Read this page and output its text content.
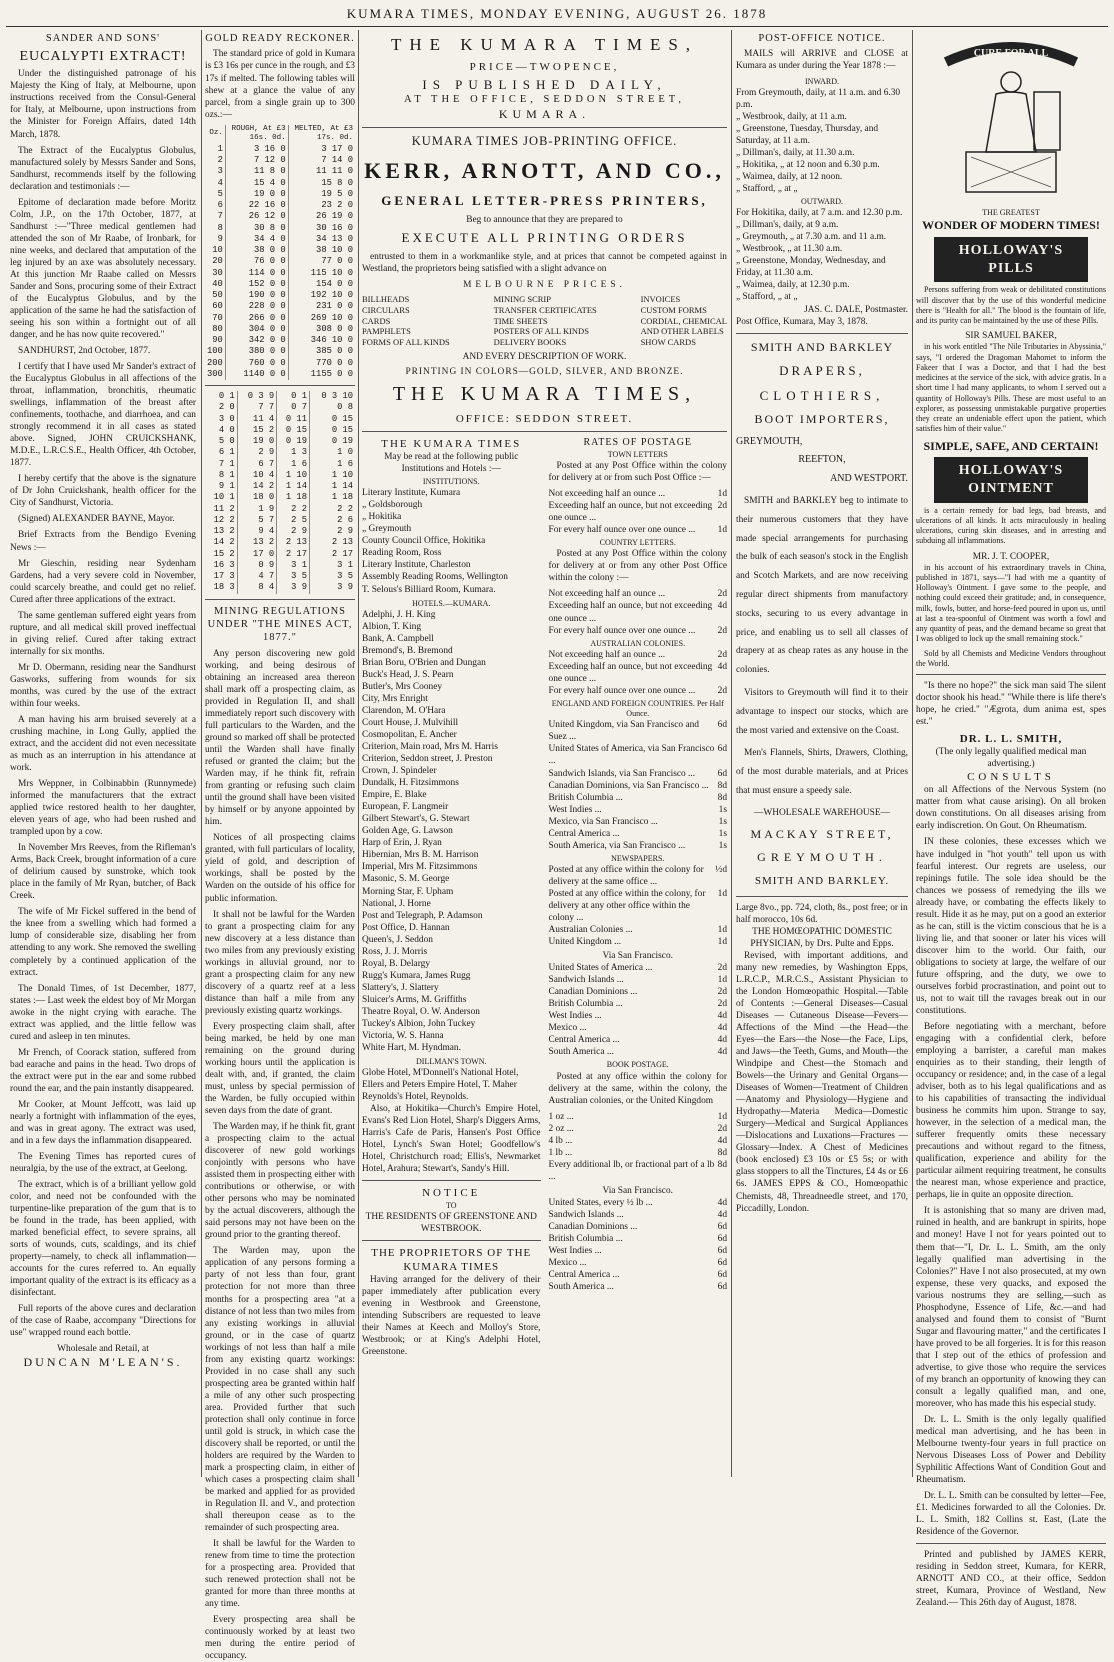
KUMARA TIMES, MONDAY EVENING, AUGUST 26. 1878
SANDER AND SONS'
EUCALYPTI EXTRACT!

Under the distinguished patronage of his Majesty the King of Italy, at Melbourne, upon instructions received from the Consul-General for Italy, at Melbourne, upon instructions from the Minister for Foreign Affairs, dated 14th March, 1878.

The Extract of the Eucalyptus Globulus, manufactured solely by Messrs Sander and Sons, Sandhurst, recommends itself by the following declaration and testimonials :—

Epitome of declaration made before Moritz Colm, J.P., on the 17th October, 1877, at Sandhurst :—"Three medical gentlemen had attended the son of Mr Raabe, of Ironbark, for nine weeks, and declared that amputation of the leg injured by an axe was absolutely necessary. At this junction Mr Raabe called on Messrs Sander and Sons, procuring some of their Extract of the Eucalyptus Globulus, and by the application of the same he had the satisfaction of seeing his son within a fortnight out of all danger, and he has now quite recovered."

SANDHURST, 2nd October, 1877.

I certify that I have used Mr Sander's extract of the Eucalyptus Globulus in all affections of the throat, inflammation, bronchitis, rheumatic swellings, inflammation of the breast after confinements, toothache, and diarrhoea, and can strongly recommend it in all cases as stated above. Signed, JOHN CRUICKSHANK, M.D.E., L.R.C.S.E., Health Officer, 4th October, 1877.

I hereby certify that the above is the signature of Dr John Cruickshank, health officer for the City of Sandhurst, Victoria.

(Signed) ALEXANDER BAYNE, Mayor.

Brief Extracts from the Bendigo Evening News :—

Mr Gieschin, residing near Sydenham Gardens, had a very severe cold in November, could scarcely breathe, and could get no relief. Cured after three applications of the extract.

The same gentleman suffered eight years from rupture, and all medical skill proved ineffectual in giving relief. Cured after taking extract internally for six months.

Mr D. Obermann, residing near the Sandhurst Gasworks, suffering from wounds for six months, was cured by the use of the extract within four weeks.

A man having his arm bruised severely at a crushing machine, in Long Gully, applied the extract, and the accident did not even necessitate as much as an interruption in his attendance at work.

Mrs Weppner, in Colbinabbin (Runnymede) informed the manufacturers that the extract applied twice restored health to her daughter, eleven years of age, who had been rushed and trampled upon by a cow.

In November Mrs Reeves, from the Rifleman's Arms, Back Creek, brought information of a cure of delirium caused by sunstroke, which took place in the family of Mr Ryan, butcher, of Back Creek.

The wife of Mr Fickel suffered in the bend of the knee from a swelling which had formed a lump of considerable size, disabling her from attending to any work. She removed the swelling completely by a continued application of the extract.

The Donald Times, of 1st December, 1877, states :— Last week the eldest boy of Mr Morgan awoke in the night crying with earache. The extract was applied, and the little fellow was cured and asleep in ten minutes.

Mr French, of Coorack station, suffered from bad earache and pains in the head. Two drops of the extract were put in the ear and some rubbed round the ear, and the pain instantly disappeared.

Mr Cooker, at Mount Jeffcott, was laid up nearly a fortnight with inflammation of the eyes, and was in great agony. The extract was used, and in a few days the inflammation disappeared.

The Evening Times has reported cures of neuralgia, by the use of the extract, at Geelong.

The extract, which is of a brilliant yellow gold color, and need not be confounded with the turpentine-like preparation of the gum that is to be found in the trade, has been applied, with marked beneficial effect, to severe sprains, all sorts of wounds, cuts, scaldings, and its chief property—namely, to check all inflammation—accounts for the cures referred to. An equally important quality of the extract is its efficacy as a disinfectant.

Full reports of the above cures and declaration of the case of Raabe, accompany "Directions for use" wrapped round each bottle.

Wholesale and Retail, at
DUNCAN M'LEAN'S.
GOLD READY RECKONER.

The standard price of gold in Kumara is £3 16s per cunce in the rough, and £3 17s if melted. The following tables will shew at a glance the value of any parcel, from a single grain up to 300 ozs.:—

Oz.	ROUGH, At £3 16s. 0d.	MELTED, At £3 17s. 0d.
1	3 16 0	3 17 0
2	7 12 0	7 14 0
3	11 8 0	11 11 0
4	15 4 0	15 8 0
5	19 0 0	19 5 0
6	22 16 0	23 2 0
7	26 12 0	26 19 0
8	30 8 0	30 16 0
9	34 4 0	34 13 0
10	38 0 0	38 10 0
20	76 0 0	77 0 0
30	114 0 0	115 10 0
40	152 0 0	154 0 0
50	190 0 0	192 10 0
60	228 0 0	231 0 0
70	266 0 0	269 10 0
80	304 0 0	308 0 0
90	342 0 0	346 10 0
100	380 0 0	385 0 0
200	760 0 0	770 0 0
300	1140 0 0	1155 0 0
0 1	0 3 9	0 1	0 3 10
2 0	7 7	0 7	0 8
3 0	11 4	0 11	0 15
4 0	15 2	0 15	0 15
5 0	19 0	0 19	0 19
6 1	2 9	1 3	1 0
7 1	6 7	1 6	1 6
8 1	10 4	1 10	1 10
9 1	14 2	1 14	1 14
10 1	18 0	1 18	1 18
11 2	1 9	2 2	2 2
12 2	5 7	2 5	2 6
13 2	9 4	2 9	2 9
14 2	13 2	2 13	2 13
15 2	17 0	2 17	2 17
16 3	0 9	3 1	3 1
17 3	4 7	3 5	3 5
18 3	8 4	3 9	3 9
MINING REGULATIONS UNDER "THE MINES ACT, 1877."

Any person discovering new gold working, and being desirous of obtaining an increased area thereon shall mark off a prospecting claim, as provided in Regulation II, and shall immediately report such discovery with full particulars to the Warden, and the ground so marked off shall be protected until the Warden shall have finally refused or granted the claim; but the Warden may, if he think fit, refrain from granting or refusing such claim until the ground shall have been visited by himself or by anyone appointed by him.

Notices of all prospecting claims granted, with full particulars of locality, yield of gold, and description of workings, shall be posted by the Warden on the outside of his office for public information.

It shall not be lawful for the Warden to grant a prospecting claim for any new discovery at a less distance than two miles from any previously existing workings in alluvial ground, nor to grant a prospecting claim for any new discovery of a quartz reef at a less distance than half a mile from any previously existing quartz workings.

Every prospecting claim shall, after being marked, be held by one man remaining on the ground during working hours until the application is dealt with, and, if granted, the claim must, unless by special permission of the Warden, be fully occupied within seven days from the date of grant.

The Warden may, if he think fit, grant a prospecting claim to the actual discoverer of new gold workings conjointly with persons who have assisted them in prospecting either with contributions or otherwise, or with other persons who may be nominated by the actual discoverers, although the said persons may not have been on the ground prior to the granting thereof.

The Warden may, upon the application of any persons forming a party of not less than four, grant protection for not more than three months for a prospecting area "at a distance of not less than two miles from any existing workings in alluvial ground, or in the case of quartz workings of not less than half a mile from any existing quartz workings: Provided in no case shall any such prospecting area be granted within half a mile of any other such prospecting area. Provided further that such protection shall only continue in force until gold is struck, in which case the discovery shall be reported, or until the holders are required by the Warden to mark a prospecting claim, in either of which cases a prospecting claim shall be marked and applied for as provided in Regulation II. and V., and protection shall thereupon cease as to the remainder of such prospecting area.

It shall be lawful for the Warden to renew from time to time the protection for a prospecting area. Provided that such renewed protection shall not be granted for more than three months at any time.

Every prospecting area shall be continuously worked by at least two men during the entire period of occupancy.

THE KUMARA TIMES,
PRICE—TWOPENCE,
IS PUBLISHED DAILY,
AT THE OFFICE, SEDDON STREET,
KUMARA.
KUMARA TIMES JOB-PRINTING OFFICE.
KERR, ARNOTT, AND CO.,
GENERAL LETTER-PRESS PRINTERS,
Beg to announce that they are prepared to
EXECUTE ALL PRINTING ORDERS

entrusted to them in a workmanlike style, and at prices that cannot be competed against in Westland, the proprietors being satisfied with a slight advance on

MELBOURNE PRICES.
BILLHEADS
CIRCULARS
CARDS
PAMPHLETS
FORMS OF ALL KINDS
MINING SCRIP
TRANSFER CERTIFICATES
TIME SHEETS
POSTERS OF ALL KINDS
DELIVERY BOOKS
INVOICES
CUSTOM FORMS
CORDIAL, CHEMICAL
AND OTHER LABELS
SHOW CARDS
AND EVERY DESCRIPTION OF WORK.
PRINTING IN COLORS—GOLD, SILVER, AND BRONZE.
THE KUMARA TIMES,
OFFICE: SEDDON STREET.
THE KUMARA TIMES
May be read at the following public Institutions and Hotels :—
INSTITUTIONS.
Literary Institute, Kumara
„ Goldsborough
„ Hokitika
„ Greymouth
County Council Office, Hokitika
Reading Room, Ross
Literary Institute, Charleston
Assembly Reading Rooms, Wellington
T. Selous's Billiard Room, Kumara.
HOTELS.—KUMARA.
Adelphi, J. H. King
Albion, T. King
Bank, A. Campbell
Bremond's, B. Bremond
Brian Boru, O'Brien and Dungan
Buck's Head, J. S. Pearn
Butler's, Mrs Cooney
City, Mrs Enright
Clarendon, M. O'Hara
Court House, J. Mulvihill
Cosmopolitan, E. Ancher
Criterion, Main road, Mrs M. Harris
Criterion, Seddon street, J. Preston
Crown, J. Spindeler
Dundalk, H. Fitzsimmons
Empire, E. Blake
European, F. Langmeir
Gilbert Stewart's, G. Stewart
Golden Age, G. Lawson
Harp of Erin, J. Ryan
Hibernian, Mrs B. M. Harrison
Imperial, Mrs M. Fitzsimmons
Masonic, S. M. George
Morning Star, F. Upham
National, J. Horne
Post and Telegraph, P. Adamson
Post Office, D. Hannan
Queen's, J. Seddon
Ross, J. J. Morris
Royal, B. Delargy
Rugg's Kumara, James Rugg
Slattery's, J. Slattery
Sluicer's Arms, M. Griffiths
Theatre Royal, O. W. Anderson
Tuckey's Albion, John Tuckey
Victoria, W. S. Hanna
White Hart, M. Hyndman.
DILLMAN'S TOWN.
Globe Hotel, M'Donnell's National Hotel, Ellers and Peters Empire Hotel, T. Maher Reynolds's Hotel, Reynolds.

Also, at Hokitika—Church's Empire Hotel, Evans's Red Lion Hotel, Sharp's Diggers Arms, Harris's Cafe de Paris, Hansen's Post Office Hotel, Lynch's Swan Hotel; Goodfellow's Hotel, Christchurch road; Ellis's, Newmarket Hotel, Arahura; Stewart's, Sandy's Hill.

NOTICE
TO
THE RESIDENTS OF GREENSTONE AND WESTBROOK.
THE PROPRIETORS OF THE KUMARA TIMES

Having arranged for the delivery of their paper immediately after publication every evening in Westbrook and Greenstone, intending Subscribers are requested to leave their Names at Keech and Molloy's Store, Westbrook; or at King's Adelphi Hotel, Greenstone.

RATES OF POSTAGE
TOWN LETTERS

Posted at any Post Office within the colony for delivery at or from such Post Office :—

Not exceeding half an ounce ...	1d
Exceeding half an ounce, but not exceeding one ounce ...
2d
For every half ounce over one ounce ... 1d
COUNTRY LETTERS.

Posted at any Post Office within the colony for delivery at or from any other Post Office within the colony :—

Not exceeding half an ounce ...	2d
Exceeding half an ounce, but not exceeding one ounce ...
4d
For every half ounce over one ounce ... 2d
AUSTRALIAN COLONIES.
Not exceeding half an ounce ...	2d
Exceeding half an ounce, but not exceeding one ounce ...
4d
For every half ounce over one ounce ... 2d
ENGLAND AND FOREIGN COUNTRIES. Per Half Ounce.
United Kingdom, via San Francisco and Suez ...
6d
United States of America, via San Francisco ...
6d
Sandwich Islands, via San Francisco ... 6d
Canadian Dominions, via San Francisco ... 8d
British Columbia ...	8d
West Indies ...	1s
Mexico, via San Francisco ...	1s
Central America ...	1s
South America, via San Francisco ...	1s
NEWSPAPERS.
Posted at any office within the colony for delivery at the same office ...
½d
Posted at any office within the colony, for delivery at any other office within the colony ...
1d
Australian Colonies ...	1d
United Kingdom ...	1d
Via San Francisco.
United States of America ...	2d
Sandwich Islands ...	1d
Canadian Dominions ...	2d
British Columbia ...	2d
West Indies ...	4d
Mexico ...	4d
Central America ...	4d
South America ...	4d
BOOK POSTAGE.

Posted at any office within the colony for delivery at the same, within the colony, the Australian colonies, or the United Kingdom

1 oz ...	1d
2 oz ...	2d
4 lb ...	4d
1 lb ...	8d
Every additional lb, or fractional part of a lb ...
8d
Via San Francisco.
United States, every ½ lb ...	4d
Sandwich Islands ...	4d
Canadian Dominions ...	6d
British Columbia ...	6d
West Indies ...	6d
Mexico ...	6d
Central America ...	6d
South America ...	6d
POST-OFFICE NOTICE.

MAILS will ARRIVE and CLOSE at Kumara as under during the Year 1878 :—

INWARD.
From Greymouth, daily, at 11 a.m. and 6.30 p.m.
„ Westbrook, daily, at 11 a.m.
„ Greenstone, Tuesday, Thursday, and Saturday, at 11 a.m.
„ Dillman's, daily, at 11.30 a.m.
„ Hokitika, „ at 12 noon and 6.30 p.m.
„ Waimea, daily, at 12 noon.
„ Stafford, „ at „
OUTWARD.
For Hokitika, daily, at 7 a.m. and 12.30 p.m.
„ Dillman's, daily, at 9 a.m.
„ Greymouth, „ at 7.30 a.m. and 11 a.m.
„ Westbrook, „ at 11.30 a.m.
„ Greenstone, Monday, Wednesday, and Friday, at 11.30 a.m.
„ Waimea, daily, at 12.30 p.m.
„ Stafford, „ at „
JAS. C. DALE, Postmaster.
Post Office, Kumara, May 3, 1878.
SMITH AND BARKLEY
DRAPERS,
CLOTHIERS,
BOOT IMPORTERS,
GREYMOUTH,
REEFTON,
AND WESTPORT.

SMITH and BARKLEY beg to intimate to their numerous customers that they have made special arrangements for purchasing the bulk of each season's stock in the English and Scotch Markets, and are now receiving regular direct shipments from manufactory stocks, securing to us every advantage in price, and enabling us to sell all classes of drapery at as cheap rates as any house in the colonies.

Visitors to Greymouth will find it to their advantage to inspect our stocks, which are the most varied and extensive on the Coast.

Men's Flannels, Shirts, Drawers, Clothing, of the most durable materials, and at Prices that must ensure a speedy sale.

—WHOLESALE WAREHOUSE—
MACKAY STREET,
GREYMOUTH.
SMITH AND BARKLEY.
Large 8vo., pp. 724, cloth, 8s., post free; or in half morocco, 10s 6d.
THE HOMŒOPATHIC DOMESTIC PHYSICIAN, by Drs. Pulte and Epps.

Revised, with important additions, and many new remedies, by Washington Epps, L.R.C.P., M.R.C.S., Assistant Physician to the London Homœopathic Hospital.—Table of Contents :—General Diseases—Casual Diseases — Cutaneous Disease—Fevers—Affections of the Mind —the Head—the Eyes—the Ears—the Nose—the Face, Lips, and Jaws—the Teeth, Gums, and Mouth—the Windpipe and Chest—the Stomach and Bowels—the Urinary and Genital Organs—Diseases of Women—Treatment of Children—Anatomy and Physiology—Hygiene and Hydropathy—Materia Medica—Domestic Surgery—Medical and Surgical Appliances —Dislocations and Luxations—Fractures —Glossary—Index. A Chest of Medicines (book enclosed) £3 10s or £5 5s; or with glass stoppers to all the Tinctures, £4 4s or £6 6s. JAMES EPPS & CO., Homœopathic Chemists, 48, Threadneedle street, and 170, Piccadilly, London.

CURE FOR ALL
THE GREATEST
WONDER OF MODERN TIMES!
HOLLOWAY'S PILLS

Persons suffering from weak or debilitated constitutions will discover that by the use of this wonderful medicine there is "Health for all." The blood is the fountain of life, and its purity can be maintained by the use of these Pills.

SIR SAMUEL BAKER,

in his work entitled "The Nile Tributaries in Abyssinia," says, "I ordered the Dragoman Mahomet to inform the Fakeer that I was a Doctor, and that I had the best medicines at the service of the sick, with advice gratis. In a short time I had many applicants, to whom I served out a quantity of Holloway's Pills. These are most useful to an explorer, as possessing unmistakable purgative properties they create an undeniable effect upon the patient, which satisfies him of their value."

SIMPLE, SAFE, AND CERTAIN!
HOLLOWAY'S OINTMENT

is a certain remedy for bad legs, bad breasts, and ulcerations of all kinds. It acts miraculously in healing ulcerations, curing skin diseases, and in arresting and subduing all inflammations.

MR. J. T. COOPER,

in his account of his extraordinary travels in China, published in 1871, says—"I had with me a quantity of Holloway's Ointment. I gave some to the people, and nothing could exceed their gratitude; and, in consequence, milk, fowls, butter, and horse-feed poured in upon us, until at last a tea-spoonful of Ointment was worth a fowl and any quantity of peas, and the demand became so great that I was obliged to lock up the small remaining stock."

Sold by all Chemists and Medicine Vendors throughout the World.

"Is there no hope?" the sick man said The silent doctor shook his head." "While there is life there's hope, he cried." "Ægrota, dum anima est, spes est."

DR. L. L. SMITH,
(The only legally qualified medical man advertising.)
CONSULTS

on all Affections of the Nervous System (no matter from what cause arising). On all broken down constitutions. On all diseases arising from early indiscretion. On Gout. On Rheumatism.

IN these colonies, these excesses which we have indulged in "hot youth" tell upon us with fearful interest. Our regrets are useless, our repinings futile. The sole idea should be the chances we possess of remedying the ills we already have, or combating the effects likely to result. Hide it as he may, put on a good an exterior as he can, still is the victim conscious that he is a living lie, and that sooner or later his vices will discover him to the world. Our faith, our obligations to society at large, the welfare of our future offspring, and the duty, we owe to ourselves forbid procrastination, and point out to us, not to wait till the ravages break out in our constitutions.

Before negotiating with a merchant, before engaging with a confidential clerk, before employing a barrister, a careful man makes enquiries as to their standing, their length of occupancy or residence; and, in the case of a legal adviser, both as to his legal qualifications and as to his capabilities of transacting the individual business he commits him upon. Strange to say, however, in the selection of a medical man, the sufferer frequently omits these necessary precautions and without regard to the fitness, qualification, experience and ability for the particular ailment requiring treatment, he consults the nearest man, whose experience and practice, perhaps, lie in quite an opposite direction.

It is astonishing that so many are driven mad, ruined in health, and are bankrupt in spirits, hope and money! Have I not for years pointed out to them that—"I, Dr. L. L. Smith, am the only legally qualified man advertising in the Colonies?" Have I not also prosecuted, at my own expense, these very quacks, and exposed the various nostrums they are selling,—such as Phosphodyne, Essence of Life, &c.—and had analysed and found them to consist of "Burnt Sugar and flavouring matter," and the certificates I have proved to be all forgeries. It is for this reason that I step out of the ethics of profession and advertise, to give those who require the services of my branch an opportunity of knowing they can consult a legally qualified man, and one, moreover, who has made this his especial study.

Dr. L. L. Smith is the only legally qualified medical man advertising, and he has been in Melbourne twenty-four years in full practice on Nervous Diseases Loss of Power and Debility Syphilitic Affections Want of Condition Gout and Rheumatism.

Dr. L. L. Smith can be consulted by letter—Fee, £1. Medicines forwarded to all the Colonies. Dr. L. L. Smith, 182 Collins st. East, (Late the Residence of the Governor.

Printed and published by JAMES KERR, residing in Seddon street, Kumara, for KERR, ARNOTT AND CO., at their office, Seddon street, Kumara, Province of Westland, New Zealand.— This 26th day of August, 1878.
